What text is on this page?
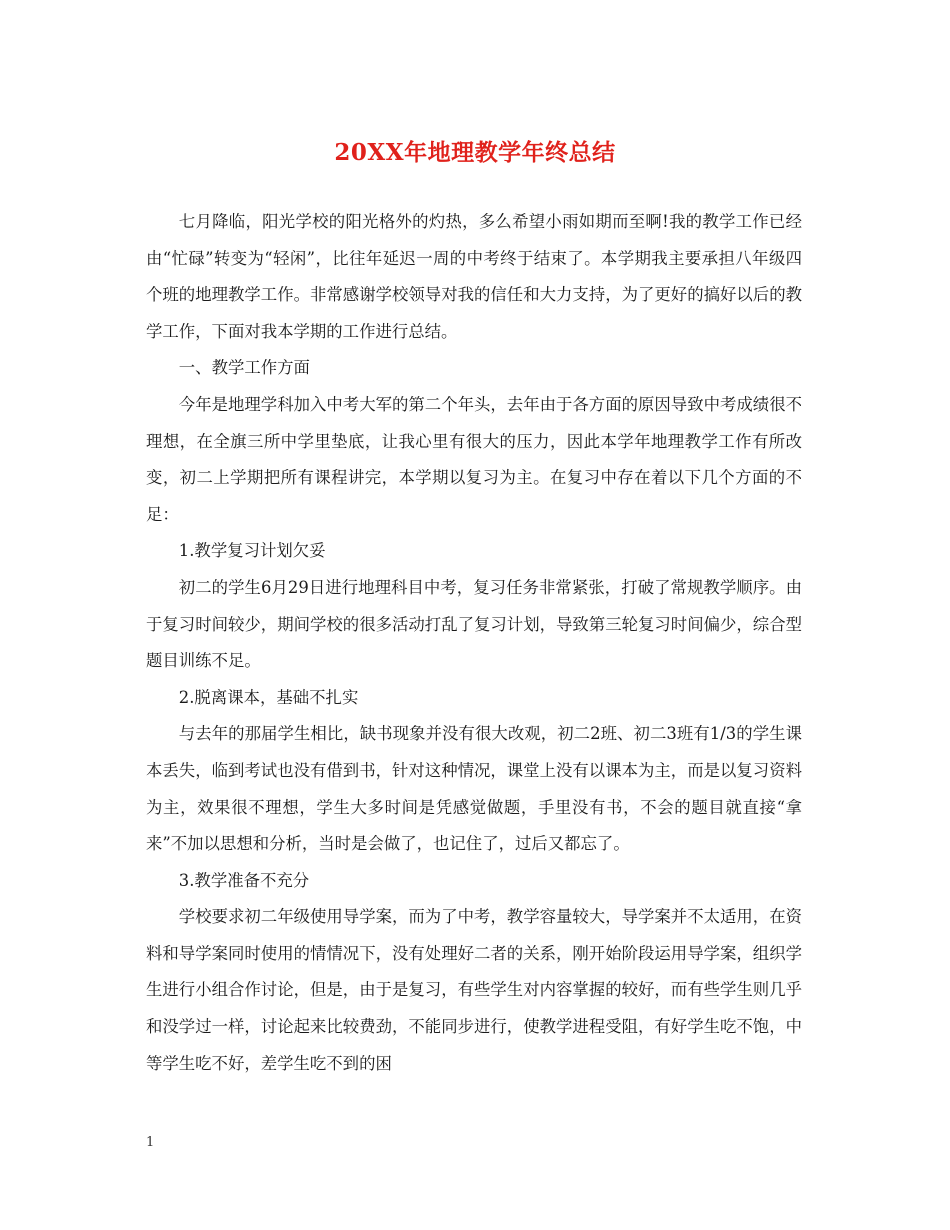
20XX年地理教学年终总结

七月降临，阳光学校的阳光格外的灼热，多么希望小雨如期而至啊!我的教学工作已经由“忙碌”转变为“轻闲”，比往年延迟一周的中考终于结束了。本学期我主要承担八年级四个班的地理教学工作。非常感谢学校领导对我的信任和大力支持，为了更好的搞好以后的教学工作，下面对我本学期的工作进行总结。

一、教学工作方面

今年是地理学科加入中考大军的第二个年头，去年由于各方面的原因导致中考成绩很不理想，在全旗三所中学里垫底，让我心里有很大的压力，因此本学年地理教学工作有所改变，初二上学期把所有课程讲完，本学期以复习为主。在复习中存在着以下几个方面的不足：

1.教学复习计划欠妥

初二的学生6月29日进行地理科目中考，复习任务非常紧张，打破了常规教学顺序。由于复习时间较少，期间学校的很多活动打乱了复习计划，导致第三轮复习时间偏少，综合型题目训练不足。

2.脱离课本，基础不扎实

与去年的那届学生相比，缺书现象并没有很大改观，初二2班、初二3班有1/3的学生课本丢失，临到考试也没有借到书，针对这种情况，课堂上没有以课本为主，而是以复习资料为主，效果很不理想，学生大多时间是凭感觉做题，手里没有书，不会的题目就直接“拿来”不加以思想和分析，当时是会做了，也记住了，过后又都忘了。

3.教学准备不充分

学校要求初二年级使用导学案，而为了中考，教学容量较大，导学案并不太适用，在资料和导学案同时使用的情情况下，没有处理好二者的关系，刚开始阶段运用导学案，组织学生进行小组合作讨论，但是，由于是复习，有些学生对内容掌握的较好，而有些学生则几乎和没学过一样，讨论起来比较费劲，不能同步进行，使教学进程受阻，有好学生吃不饱，中等学生吃不好，差学生吃不到的困

1
